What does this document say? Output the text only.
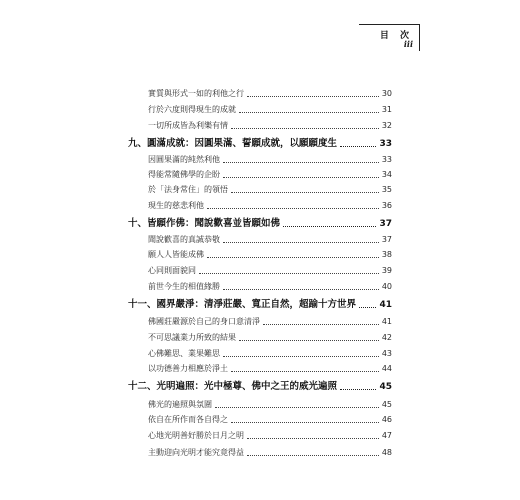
目 次
iii
實質與形式一如的利他之行	30
行於六度則得現生的成就	31
一切所成皆為利樂有情	32
九、圓滿成就：因圓果滿、誓願成就，以願願度生	33
因圓果滿的純然利他	33
得能常隨佛學的企盼	34
於「法身常住」的領悟	35
現生的慈悲利他	36
十、皆願作佛：聞說歡喜並皆願如佛	37
聞說歡喜的真誠恭敬	37
願人人皆能成佛	38
心同則面貌同	39
前世今生的相值緣勝	40
十一、國界嚴淨：清淨莊嚴、寬正自然，超踰十方世界	41
佛國莊嚴源於自己的身口意清淨	41
不可思議業力所致的結果	42
心佛難思、業果難思	43
以功德善力相應於淨土	44
十二、光明遍照：光中極尊、佛中之王的威光遍照	45
佛光的遍照與氛圍	45
依自在所作而各自得之	46
心地光明善好勝於日月之明	47
主動迎向光明才能究竟得益	48
